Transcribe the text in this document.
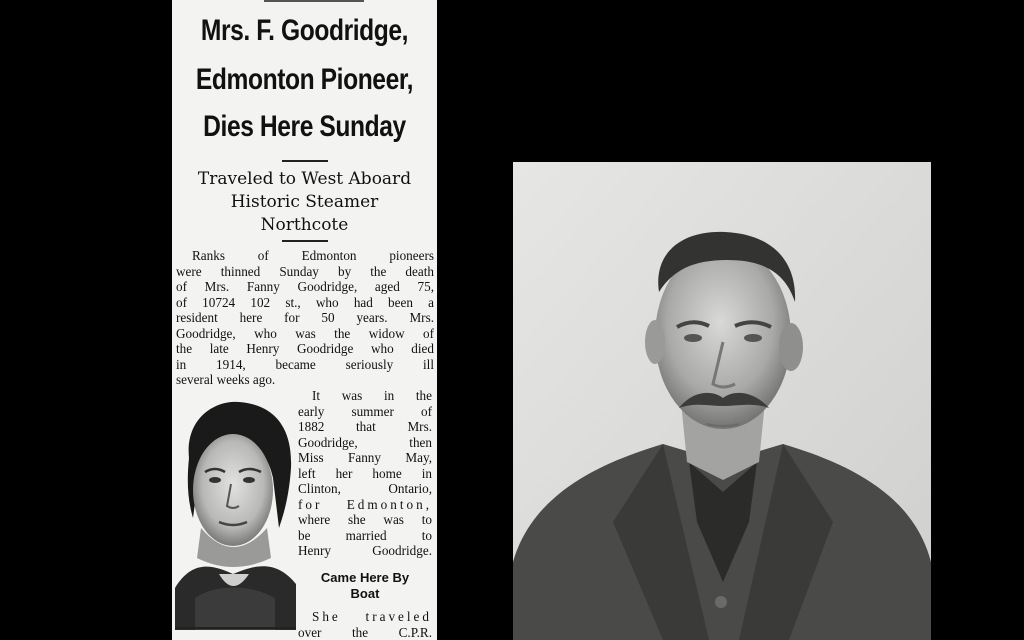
Mrs. F. Goodridge,
Edmonton Pioneer,
Dies Here Sunday
Traveled to West Aboard
Historic Steamer
Northcote
Ranks of Edmonton pioneers
were thinned Sunday by the death
of Mrs. Fanny Goodridge, aged 75,
of 10724 102 st., who had been a
resident here for 50 years. Mrs.
Goodridge, who was the widow of
the late Henry Goodridge who died
in 1914, became seriously ill
several weeks ago.
It was in the
early summer of
1882 that Mrs.
Goodridge, then
Miss Fanny May,
left her home in
Clinton, Ontario,
for Edmonton,
where she was to
be married to
Henry Goodridge.
Came Here By
Boat
She traveled
over the C.P.R.
